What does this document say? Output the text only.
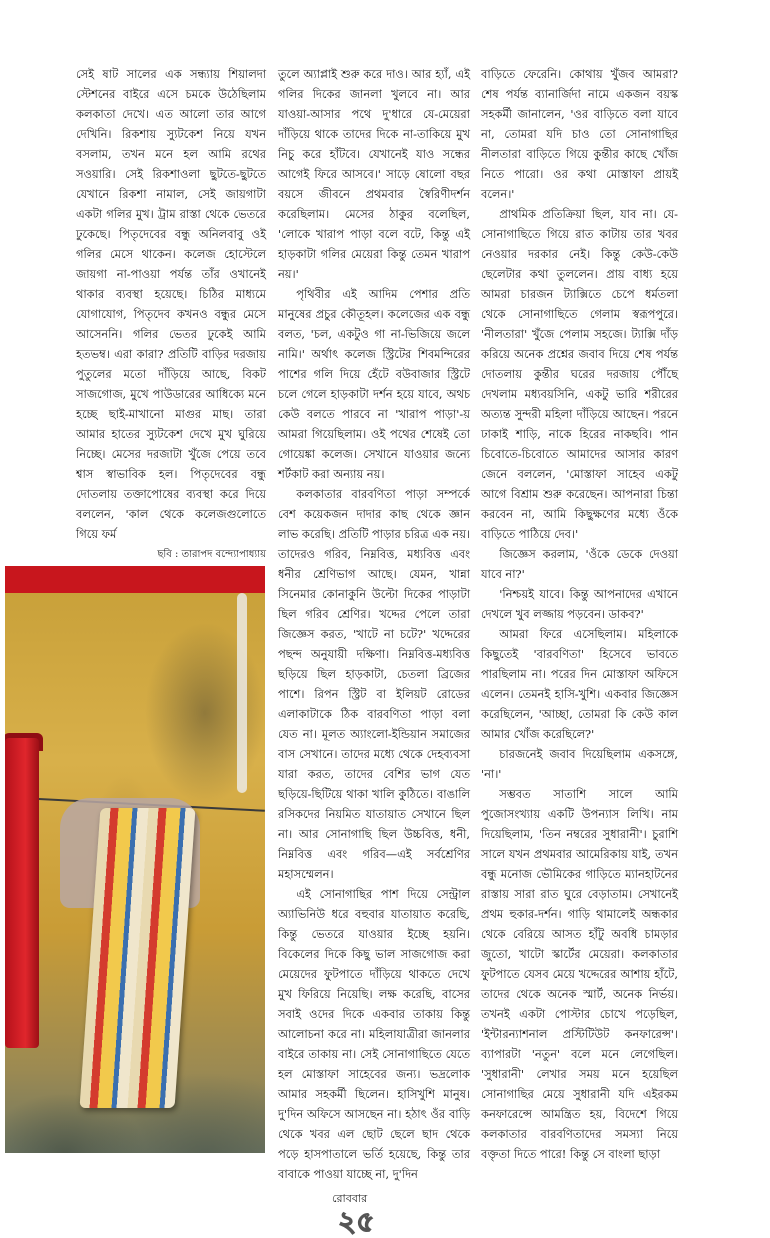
সেই ষাট সালের এক সন্ধ্যায় শিয়ালদা স্টেশনের বাইরে এসে চমকে উঠেছিলাম কলকাতা দেখে। এত আলো তার আগে দেখিনি। রিকশায় স্যুটকেশ নিয়ে যখন বসলাম, তখন মনে হল আমি রথের সওয়ারি। সেই রিকশাওলা ছুটতে-ছুটতে যেখানে রিকশা নামাল, সেই জায়গাটা একটা গলির মুখ। ট্রাম রাস্তা থেকে ভেতরে ঢুকেছে। পিতৃদেবের বন্ধু অনিলবাবু ওই গলির মেসে থাকেন। কলেজ হোস্টেলে জায়গা না-পাওয়া পর্যন্ত তাঁর ওখানেই থাকার ব্যবস্থা হয়েছে। চিঠির মাধ্যমে যোগাযোগ, পিতৃদেব কখনও বন্ধুর মেসে আসেননি। গলির ভেতর ঢুকেই আমি হতভম্ব। এরা কারা? প্রতিটি বাড়ির দরজায় পুতুলের মতো দাঁড়িয়ে আছে, বিকট সাজগোজ, মুখে পাউডারের আধিক্যে মনে হচ্ছে ছাই-মাখানো মাগুর মাছ। তারা আমার হাতের স্যুটকেশ দেখে মুখ ঘুরিয়ে নিচ্ছে। মেসের দরজাটা খুঁজে পেয়ে তবে শ্বাস স্বাভাবিক হল। পিতৃদেবের বন্ধু দোতলায় তক্তাপোষের ব্যবস্থা করে দিয়ে বললেন, 'কাল থেকে কলেজগুলোতে গিয়ে ফর্ম

ছবি : তারাপদ বন্দ্যোপাধ্যায়

তুলে অ্যাপ্লাই শুরু করে দাও। আর হ্যাঁ, এই গলির দিকের জানলা খুলবে না। আর যাওয়া-আসার পথে দু'ধারে যে-মেয়েরা দাঁড়িয়ে থাকে তাদের দিকে না-তাকিয়ে মুখ নিচু করে হাঁটবে। যেখানেই যাও সন্ধের আগেই ফিরে আসবে।' সাড়ে ষোলো বছর বয়সে জীবনে প্রথমবার স্বৈরিণীদর্শন করেছিলাম। মেসের ঠাকুর বলেছিল, 'লোকে খারাপ পাড়া বলে বটে, কিন্তু এই হাড়কাটা গলির মেয়েরা কিন্তু তেমন খারাপ নয়।'

পৃথিবীর এই আদিম পেশার প্রতি মানুষের প্রচুর কৌতূহল। কলেজের এক বন্ধু বলত, 'চল, একটুও গা না-ভিজিয়ে জলে নামি।' অর্থাৎ কলেজ স্ট্রিটের শিবমন্দিরের পাশের গলি দিয়ে হেঁটে বউবাজার স্ট্রিটে চলে গেলে হাড়কাটা দর্শন হয়ে যাবে, অথচ কেউ বলতে পারবে না 'খারাপ পাড়া'-য় আমরা গিয়েছিলাম। ওই পথের শেষেই তো গোয়েঙ্কা কলেজ। সেখানে যাওয়ার জন্যে শর্টকাট করা অন্যায় নয়।

কলকাতার বারবণিতা পাড়া সম্পর্কে বেশ কয়েকজন দাদার কাছ থেকে জ্ঞান লাভ করেছি। প্রতিটি পাড়ার চরিত্র এক নয়। তাদেরও গরিব, নিম্নবিত্ত, মধ্যবিত্ত এবং ধনীর শ্রেণিভাগ আছে। যেমন, খান্না সিনেমার কোনাকুনি উল্টো দিকের পাড়াটা ছিল গরিব শ্রেণির। খদ্দের পেলে তারা জিজ্ঞেস করত, 'খাটে না চটে?' খদ্দেরের পছন্দ অনুযায়ী দক্ষিণা। নিম্নবিত্ত-মধ্যবিত্ত ছড়িয়ে ছিল হাড়কাটা, চেতলা ব্রিজের পাশে। রিপন স্ট্রিট বা ইলিয়ট রোডের এলাকাটাকে ঠিক বারবণিতা পাড়া বলা যেত না। মূলত অ্যাংলো-ইন্ডিয়ান সমাজের বাস সেখানে। তাদের মধ্যে থেকে দেহব্যবসা যারা করত, তাদের বেশির ভাগ যেত ছড়িয়ে-ছিটিয়ে থাকা খালি কুঠিতে। বাঙালি রসিকদের নিয়মিত যাতায়াত সেখানে ছিল না। আর সোনাগাছি ছিল উচ্চবিত্ত, ধনী, নিম্নবিত্ত এবং গরিব—এই সর্বশ্রেণির মহাসম্মেলন।

এই সোনাগাছির পাশ দিয়ে সেন্ট্রাল অ্যাভিনিউ ধরে বহুবার যাতায়াত করেছি, কিন্তু ভেতরে যাওয়ার ইচ্ছে হয়নি। বিকেলের দিকে কিছু ভাল সাজগোজ করা মেয়েদের ফুটপাতে দাঁড়িয়ে থাকতে দেখে মুখ ফিরিয়ে নিয়েছি। লক্ষ করেছি, বাসের সবাই ওদের দিকে একবার তাকায় কিন্তু আলোচনা করে না। মহিলাযাত্রীরা জানলার বাইরে তাকায় না। সেই সোনাগাছিতে যেতে হল মোস্তাফা সাহেবের জন্য। ভদ্রলোক আমার সহকর্মী ছিলেন। হাসিখুশি মানুষ। দু'দিন অফিসে আসছেন না। হঠাৎ ওঁর বাড়ি থেকে খবর এল ছোট ছেলে ছাদ থেকে পড়ে হাসপাতালে ভর্তি হয়েছে, কিন্তু তার বাবাকে পাওয়া যাচ্ছে না, দু'দিন

রোববার
২৫

বাড়িতে ফেরেনি। কোথায় খুঁজব আমরা? শেষ পর্যন্ত ব্যানার্জিদা নামে একজন বয়স্ক সহকর্মী জানালেন, 'ওর বাড়িতে বলা যাবে না, তোমরা যদি চাও তো সোনাগাছির নীলতারা বাড়িতে গিয়ে কুন্তীর কাছে খোঁজ নিতে পারো। ওর কথা মোস্তাফা প্রায়ই বলেন।'

প্রাথমিক প্রতিক্রিয়া ছিল, যাব না। যে-সোনাগাছিতে গিয়ে রাত কাটায় তার খবর নেওয়ার দরকার নেই। কিন্তু কেউ-কেউ ছেলেটার কথা তুললেন। প্রায় বাধ্য হয়ে আমরা চারজন ট্যাক্সিতে চেপে ধর্মতলা থেকে সোনাগাছিতে গেলাম স্বরূপপুরে। 'নীলতারা' খুঁজে পেলাম সহজে। ট্যাক্সি দাঁড় করিয়ে অনেক প্রশ্নের জবাব দিয়ে শেষ পর্যন্ত দোতলায় কুন্তীর ঘরের দরজায় পৌঁছে দেখলাম মধ্যবয়সিনি, একটু ভারি শরীরের অত্যন্ত সুন্দরী মহিলা দাঁড়িয়ে আছেন। পরনে ঢাকাই শাড়ি, নাকে হিরের নাকছবি। পান চিবোতে-চিবোতে আমাদের আসার কারণ জেনে বললেন, 'মোস্তাফা সাহেব একটু আগে বিশ্রাম শুরু করেছেন। আপনারা চিন্তা করবেন না, আমি কিছুক্ষণের মধ্যে ওঁকে বাড়িতে পাঠিয়ে দেব।'

জিজ্ঞেস করলাম, 'ওঁকে ডেকে দেওয়া যাবে না?'

'নিশ্চয়ই যাবে। কিন্তু আপনাদের এখানে দেখলে খুব লজ্জায় পড়বেন। ডাকব?'

আমরা ফিরে এসেছিলাম। মহিলাকে কিছুতেই 'বারবণিতা' হিসেবে ভাবতে পারছিলাম না। পরের দিন মোস্তাফা অফিসে এলেন। তেমনই হাসি-খুশি। একবার জিজ্ঞেস করেছিলেন, 'আচ্ছা, তোমরা কি কেউ কাল আমার খোঁজ করেছিলে?'

চারজনেই জবাব দিয়েছিলাম একসঙ্গে, 'না।'

সম্ভবত সাতাশি সালে আমি পুজোসংখ্যায় একটি উপন্যাস লিখি। নাম দিয়েছিলাম, 'তিন নম্বরের সুধারানী'। চুরাশি সালে যখন প্রথমবার আমেরিকায় যাই, তখন বন্ধু মনোজ ভৌমিকের গাড়িতে ম্যানহাটনের রাস্তায় সারা রাত ঘুরে বেড়াতাম। সেখানেই প্রথম হুকার-দর্শন। গাড়ি থামালেই অন্ধকার থেকে বেরিয়ে আসত হাঁটু অবধি চামড়ার জুতো, খাটো স্কার্টের মেয়েরা। কলকাতার ফুটপাতে যেসব মেয়ে খদ্দেরের আশায় হাঁটে, তাদের থেকে অনেক স্মার্ট, অনেক নির্ভয়। তখনই একটা পোস্টার চোখে পড়েছিল, 'ইন্টারন্যাশনাল প্রস্টিটিউট কনফারেন্স'। ব্যাপারটা 'নতুন' বলে মনে লেগেছিল। 'সুধারানী' লেখার সময় মনে হয়েছিল সোনাগাছির মেয়ে সুধারানী যদি এইরকম কনফারেন্সে আমন্ত্রিত হয়, বিদেশে গিয়ে কলকাতার বারবণিতাদের সমস্যা নিয়ে বক্তৃতা দিতে পারে! কিন্তু সে বাংলা ছাড়া
